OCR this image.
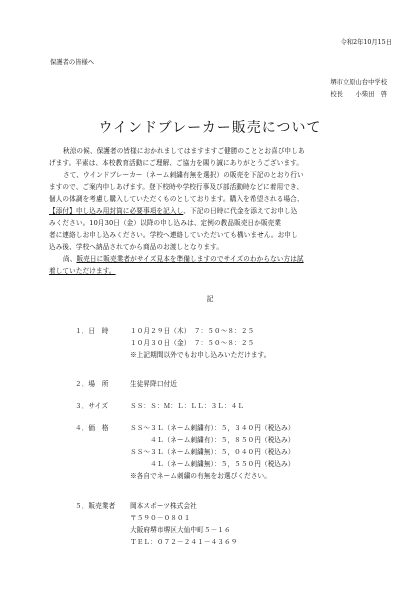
令和2年10月15日
保護者の皆様へ
堺市立原山台中学校
校長　　小柴田　啓
ウインドブレーカー販売について
秋涼の候、保護者の皆様におかれましてはますますご健勝のこととお喜び申しあ
げます。平素は、本校教育活動にご理解、ご協力を賜り誠にありがとうございます。
さて、ウインドブレーカー（ネーム刺繍有無を選択）の販売を下記のとおり行い
ますので、ご案内申しあげます。登下校時や学校行事及び部活動時などに着用でき、
個人の体調を考慮し購入していただくものとしております。購入を希望される場合、
【添付】申し込み用封筒に必要事項を記入し、下記の日時に代金を添えてお申し込
みください。10月30日（金）以降の申し込みは、定例の教品販売日か販売業
者に連絡しお申し込みください。学校へ連絡していただいても構いません。お申し
込み後、学校へ納品されてから商品のお渡しとなります。
尚、販売日に販売業者がサイズ見本を準備しますのでサイズのわからない方は試
着していただけます。
記
１．日　時	１０月２９日（木）　７：５０～８：２５
１０月３０日（金）　７：５０～８：２５
※上記期間以外でもお申し込みいただけます。
２．場　所	生徒昇降口付近
３．サイズ	ＳＳ：Ｓ：Ｍ：Ｌ：ＬＬ：３Ｌ：４Ｌ
４．価　格	ＳＳ～３Ｌ（ネーム刺繍有）：５，３４０円（税込み）
　　　４Ｌ（ネーム刺繍有）：５，８５０円（税込み）
ＳＳ～３Ｌ（ネーム刺繍無）：５，０４０円（税込み）
　　　４Ｌ（ネーム刺繍無）：５，５５０円（税込み）
※各自でネーム刺繍の有無をお選びください。
５．販売業者 岡本スポーツ株式会社
〒５９０－０８０１
大阪府堺市堺区大仙中町５－１６
ＴＥＬ：０７２－２４１－４３６９
